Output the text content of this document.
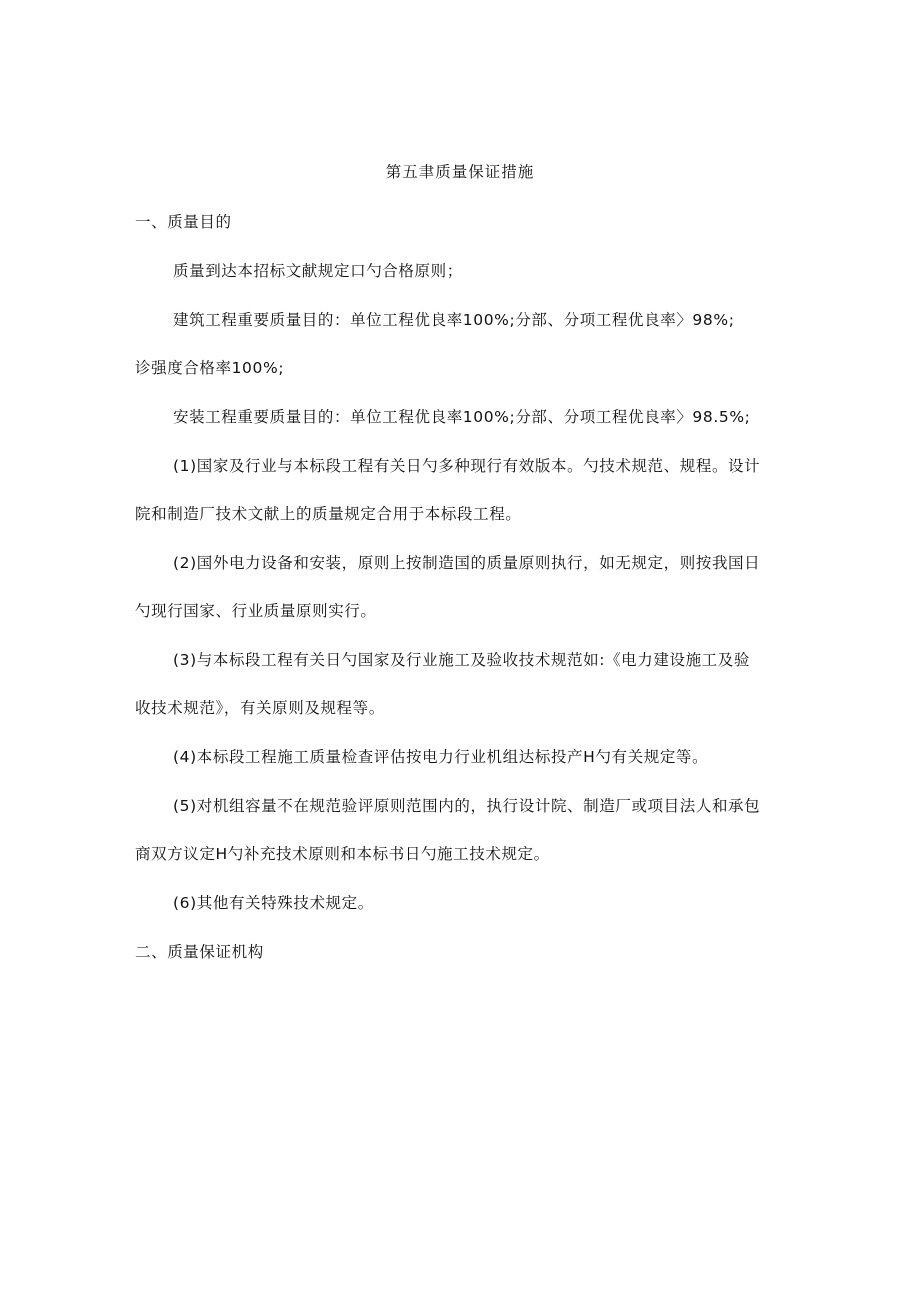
第五聿质量保证措施
一、质量目的
质量到达本招标文献规定口勺合格原则；
建筑工程重要质量目的：单位工程优良率100%;分部、分项工程优良率〉98%;
诊强度合格率100%;
安装工程重要质量目的：单位工程优良率100%;分部、分项工程优良率〉98.5%;
(1)国家及行业与本标段工程有关日勺多种现行有效版本。勺技术规范、规程。设计
院和制造厂技术文献上的质量规定合用于本标段工程。
(2)国外电力设备和安装，原则上按制造国的质量原则执行，如无规定，则按我国日
勺现行国家、行业质量原则实行。
(3)与本标段工程有关日勺国家及行业施工及验收技术规范如:《电力建设施工及验
收技术规范》，有关原则及规程等。
(4)本标段工程施工质量检查评估按电力行业机组达标投产H勺有关规定等。
(5)对机组容量不在规范验评原则范围内的，执行设计院、制造厂或项目法人和承包
商双方议定H勺补充技术原则和本标书日勺施工技术规定。
(6)其他有关特殊技术规定。
二、质量保证机构
